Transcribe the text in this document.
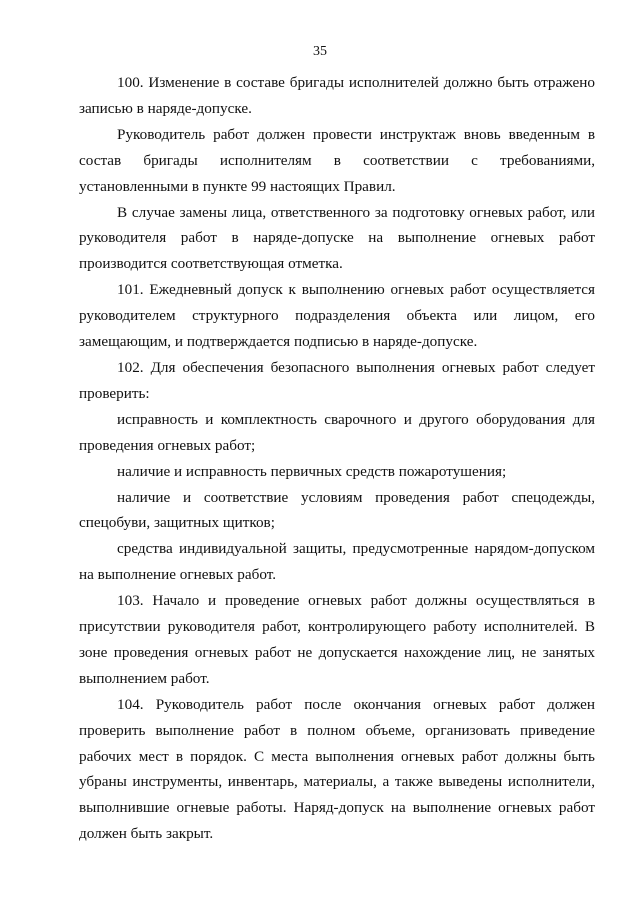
35

100. Изменение в составе бригады исполнителей должно быть отражено записью в наряде-допуске.

Руководитель работ должен провести инструктаж вновь введенным в состав бригады исполнителям в соответствии с требованиями, установленными в пункте 99 настоящих Правил.

В случае замены лица, ответственного за подготовку огневых работ, или руководителя работ в наряде-допуске на выполнение огневых работ производится соответствующая отметка.

101. Ежедневный допуск к выполнению огневых работ осуществляется руководителем структурного подразделения объекта или лицом, его замещающим, и подтверждается подписью в наряде-допуске.

102. Для обеспечения безопасного выполнения огневых работ следует проверить:

исправность и комплектность сварочного и другого оборудования для проведения огневых работ;

наличие и исправность первичных средств пожаротушения;

наличие и соответствие условиям проведения работ спецодежды, спецобуви, защитных щитков;

средства индивидуальной защиты, предусмотренные нарядом-допуском на выполнение огневых работ.

103. Начало и проведение огневых работ должны осуществляться в присутствии руководителя работ, контролирующего работу исполнителей. В зоне проведения огневых работ не допускается нахождение лиц, не занятых выполнением работ.

104. Руководитель работ после окончания огневых работ должен проверить выполнение работ в полном объеме, организовать приведение рабочих мест в порядок. С места выполнения огневых работ должны быть убраны инструменты, инвентарь, материалы, а также выведены исполнители, выполнившие огневые работы. Наряд-допуск на выполнение огневых работ должен быть закрыт.
